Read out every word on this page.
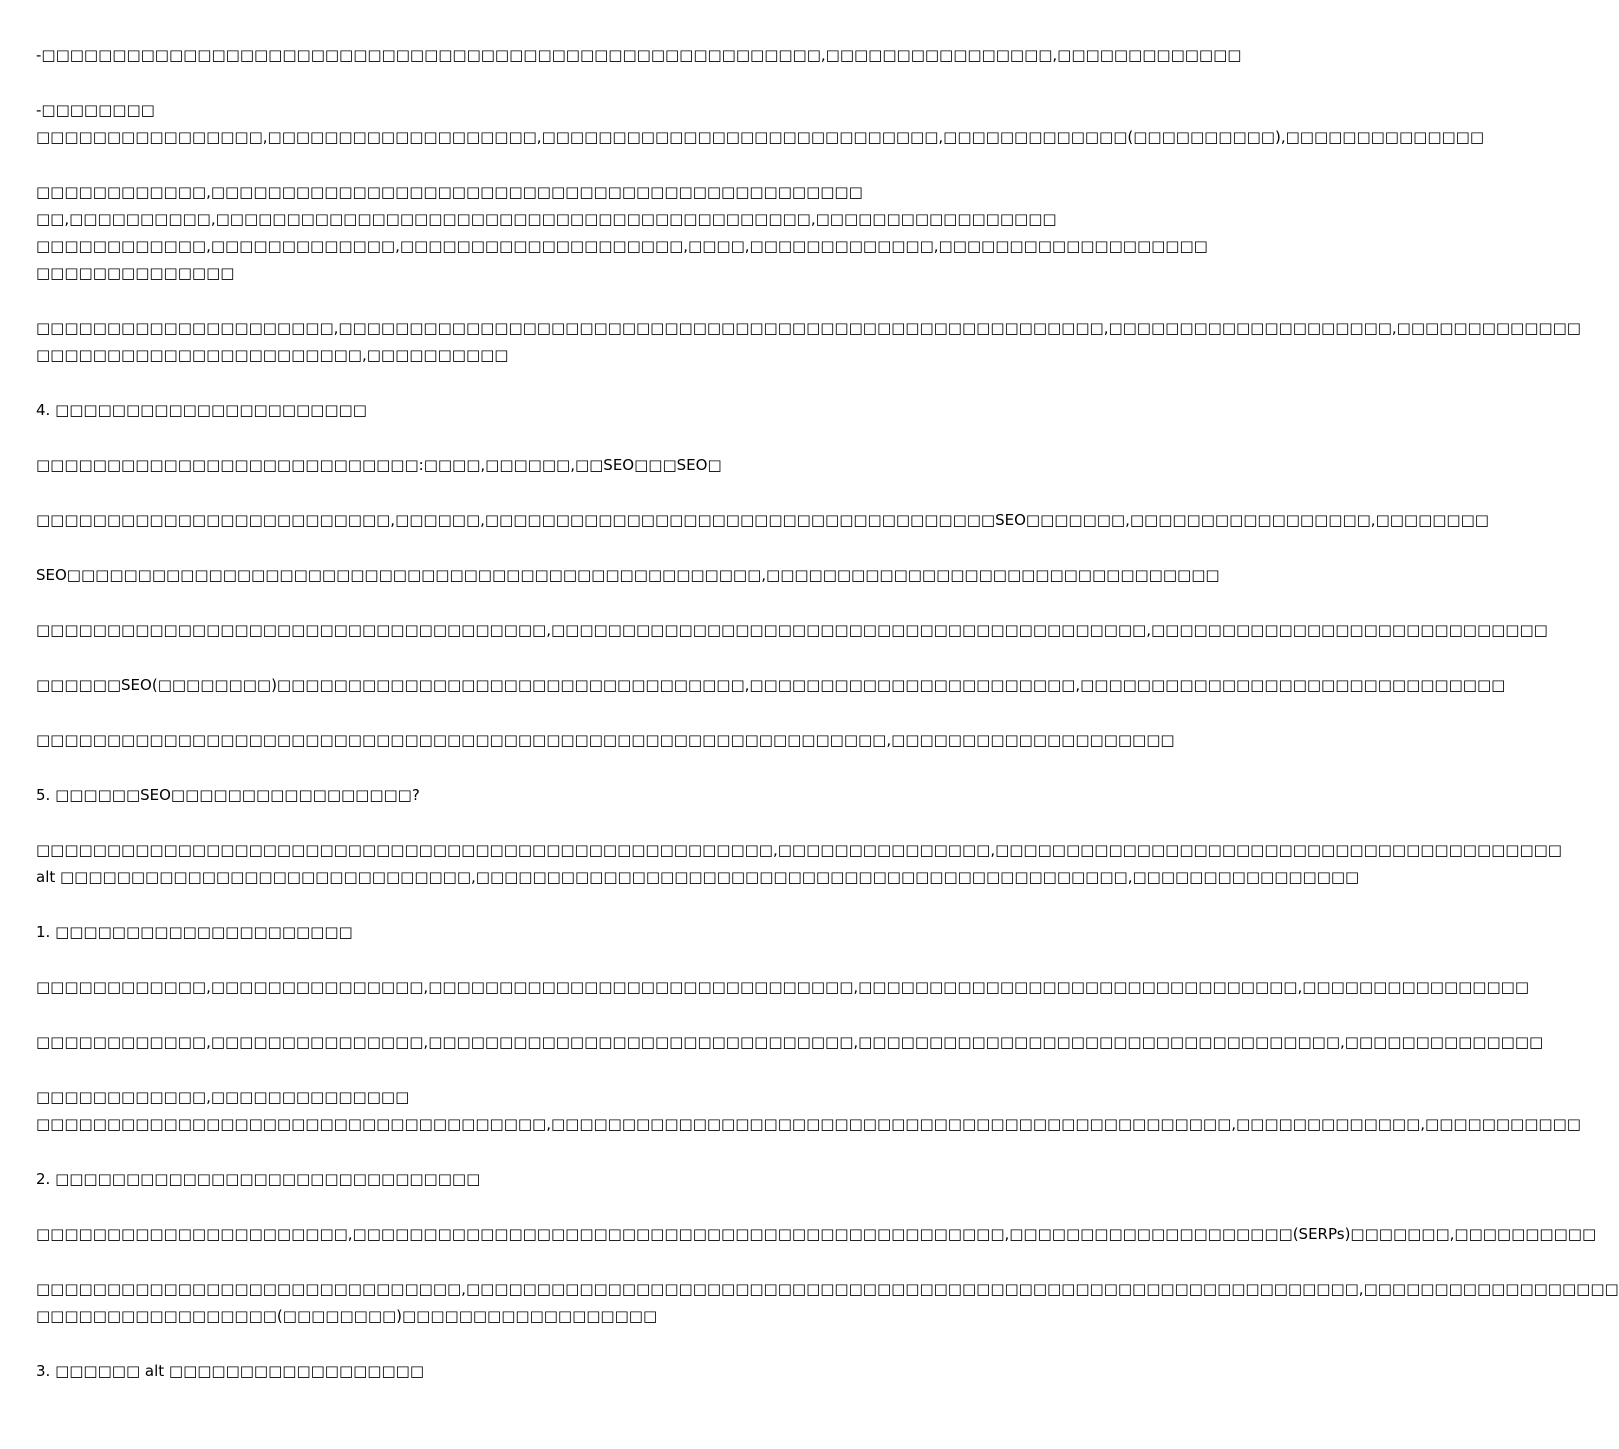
-□□□□□□□□□□□□□□□□□□□□□□□□□□□□□□□□□□□□□□□□□□□□□□□□□□□□□□□,□□□□□□□□□□□□□□□□,□□□□□□□□□□□□□

-□□□□□□□□
□□□□□□□□□□□□□□□□,□□□□□□□□□□□□□□□□□□□,□□□□□□□□□□□□□□□□□□□□□□□□□□□□,□□□□□□□□□□□□□(□□□□□□□□□□),□□□□□□□□□□□□□□

□□□□□□□□□□□□,□□□□□□□□□□□□□□□□□□□□□□□□□□□□□□□□□□□□□□□□□□□□□□
□□,□□□□□□□□□□,□□□□□□□□□□□□□□□□□□□□□□□□□□□□□□□□□□□□□□□□□□,□□□□□□□□□□□□□□□□□
□□□□□□□□□□□□,□□□□□□□□□□□□□,□□□□□□□□□□□□□□□□□□□□,□□□□,□□□□□□□□□□□□□,□□□□□□□□□□□□□□□□□□□
□□□□□□□□□□□□□□

□□□□□□□□□□□□□□□□□□□□□,□□□□□□□□□□□□□□□□□□□□□□□□□□□□□□□□□□□□□□□□□□□□□□□□□□□□□□,□□□□□□□□□□□□□□□□□□□□,□□□□□□□□□□□□□
□□□□□□□□□□□□□□□□□□□□□□□,□□□□□□□□□□

4. □□□□□□□□□□□□□□□□□□□□□□

□□□□□□□□□□□□□□□□□□□□□□□□□□□:□□□□,□□□□□□,□□SEO□□□SEO□

□□□□□□□□□□□□□□□□□□□□□□□□□,□□□□□□,□□□□□□□□□□□□□□□□□□□□□□□□□□□□□□□□□□□□SEO□□□□□□□,□□□□□□□□□□□□□□□□□,□□□□□□□□

SEO□□□□□□□□□□□□□□□□□□□□□□□□□□□□□□□□□□□□□□□□□□□□□□□□□,□□□□□□□□□□□□□□□□□□□□□□□□□□□□□□□□

□□□□□□□□□□□□□□□□□□□□□□□□□□□□□□□□□□□□,□□□□□□□□□□□□□□□□□□□□□□□□□□□□□□□□□□□□□□□□□□,□□□□□□□□□□□□□□□□□□□□□□□□□□□□

□□□□□□SEO(□□□□□□□□)□□□□□□□□□□□□□□□□□□□□□□□□□□□□□□□□□,□□□□□□□□□□□□□□□□□□□□□□□,□□□□□□□□□□□□□□□□□□□□□□□□□□□□□□

□□□□□□□□□□□□□□□□□□□□□□□□□□□□□□□□□□□□□□□□□□□□□□□□□□□□□□□□□□□□,□□□□□□□□□□□□□□□□□□□□

5. □□□□□□SEO□□□□□□□□□□□□□□□□□?

□□□□□□□□□□□□□□□□□□□□□□□□□□□□□□□□□□□□□□□□□□□□□□□□□□□□,□□□□□□□□□□□□□□□,□□□□□□□□□□□□□□□□□□□□□□□□□□□□□□□□□□□□□□□□
alt □□□□□□□□□□□□□□□□□□□□□□□□□□□□□,□□□□□□□□□□□□□□□□□□□□□□□□□□□□□□□□□□□□□□□□□□□□□□,□□□□□□□□□□□□□□□□

1. □□□□□□□□□□□□□□□□□□□□□

□□□□□□□□□□□□,□□□□□□□□□□□□□□□,□□□□□□□□□□□□□□□□□□□□□□□□□□□□□□,□□□□□□□□□□□□□□□□□□□□□□□□□□□□□□□,□□□□□□□□□□□□□□□□

□□□□□□□□□□□□,□□□□□□□□□□□□□□□,□□□□□□□□□□□□□□□□□□□□□□□□□□□□□□,□□□□□□□□□□□□□□□□□□□□□□□□□□□□□□□□□□,□□□□□□□□□□□□□□

□□□□□□□□□□□□,□□□□□□□□□□□□□□
□□□□□□□□□□□□□□□□□□□□□□□□□□□□□□□□□□□□,□□□□□□□□□□□□□□□□□□□□□□□□□□□□□□□□□□□□□□□□□□□□□□□□,□□□□□□□□□□□□□,□□□□□□□□□□□

2. □□□□□□□□□□□□□□□□□□□□□□□□□□□□□□

□□□□□□□□□□□□□□□□□□□□□□,□□□□□□□□□□□□□□□□□□□□□□□□□□□□□□□□□□□□□□□□□□□□□□,□□□□□□□□□□□□□□□□□□□□(SERPs)□□□□□□□,□□□□□□□□□□

□□□□□□□□□□□□□□□□□□□□□□□□□□□□□□,□□□□□□□□□□□□□□□□□□□□□□□□□□□□□□□□□□□□□□□□□□□□□□□□□□□□□□□□□□□□□□□,□□□□□□□□□□□□□□□□□□
□□□□□□□□□□□□□□□□□(□□□□□□□□)□□□□□□□□□□□□□□□□□□

3. □□□□□□ alt □□□□□□□□□□□□□□□□□□
